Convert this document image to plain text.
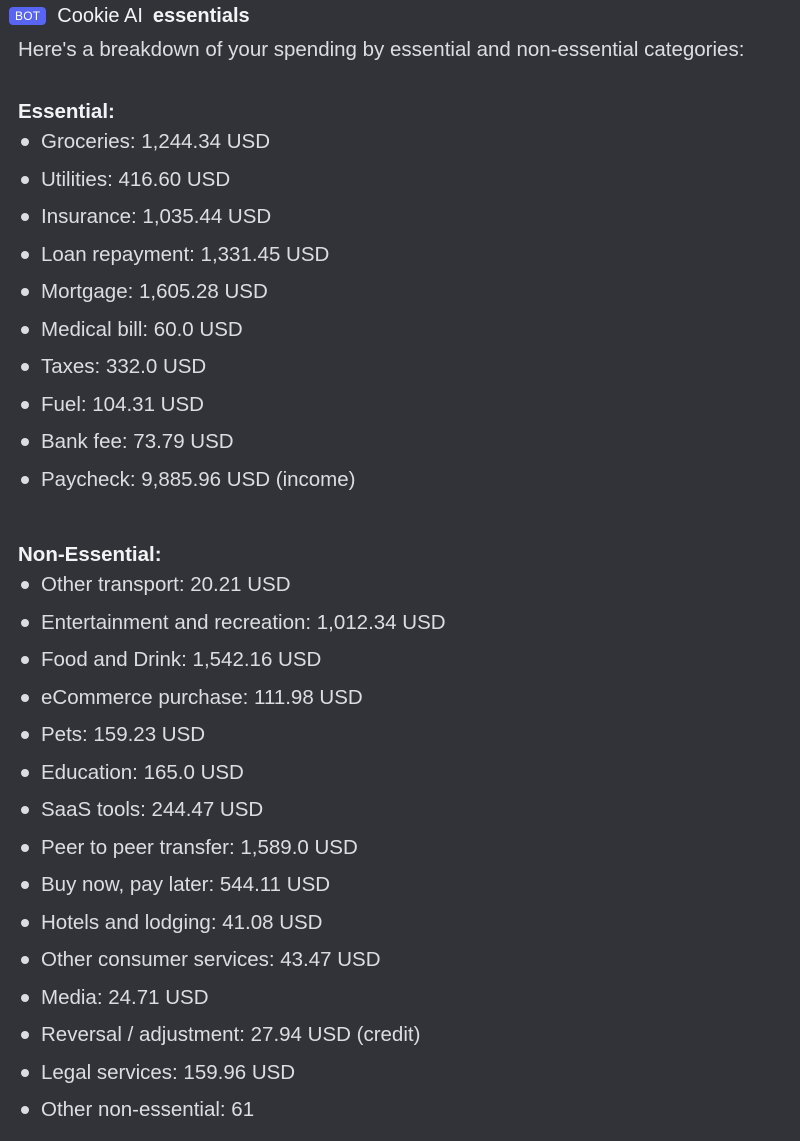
BOT Cookie AI essentials
Here's a breakdown of your spending by essential and non-essential categories:
Essential:
Groceries: 1,244.34 USD
Utilities: 416.60 USD
Insurance: 1,035.44 USD
Loan repayment: 1,331.45 USD
Mortgage: 1,605.28 USD
Medical bill: 60.0 USD
Taxes: 332.0 USD
Fuel: 104.31 USD
Bank fee: 73.79 USD
Paycheck: 9,885.96 USD (income)
Non-Essential:
Other transport: 20.21 USD
Entertainment and recreation: 1,012.34 USD
Food and Drink: 1,542.16 USD
eCommerce purchase: 111.98 USD
Pets: 159.23 USD
Education: 165.0 USD
SaaS tools: 244.47 USD
Peer to peer transfer: 1,589.0 USD
Buy now, pay later: 544.11 USD
Hotels and lodging: 41.08 USD
Other consumer services: 43.47 USD
Media: 24.71 USD
Reversal / adjustment: 27.94 USD (credit)
Legal services: 159.96 USD
Other non-essential: 61
